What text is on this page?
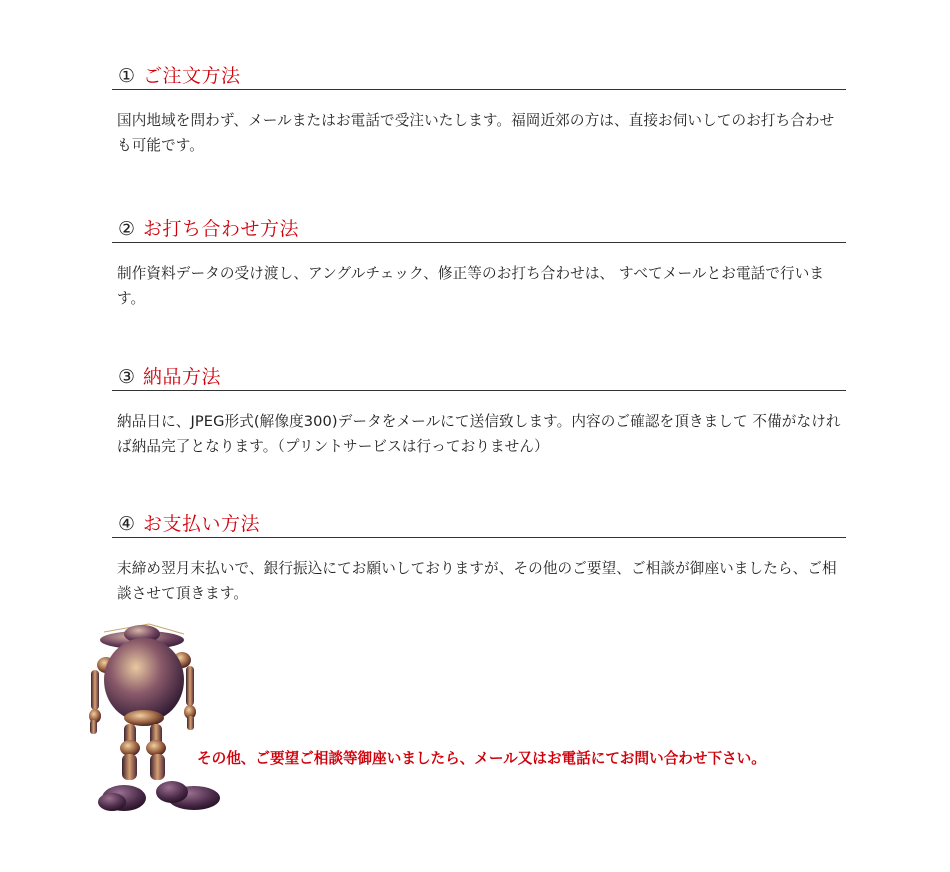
① ご注文方法
国内地域を問わず、メールまたはお電話で受注いたします。福岡近郊の方は、直接お伺いしてのお打ち合わせも可能です。
② お打ち合わせ方法
制作資料データの受け渡し、アングルチェック、修正等のお打ち合わせは、 すべてメールとお電話で行います。
③ 納品方法
納品日に、JPEG形式(解像度300)データをメールにて送信致します。内容のご確認を頂きまして 不備がなければ納品完了となります。（プリントサービスは行っておりません）
④ お支払い方法
末締め翌月末払いで、銀行振込にてお願いしておりますが、その他のご要望、ご相談が御座いましたら、ご相談させて頂きます。
その他、ご要望ご相談等御座いましたら、メール又はお電話にてお問い合わせ下さい。
